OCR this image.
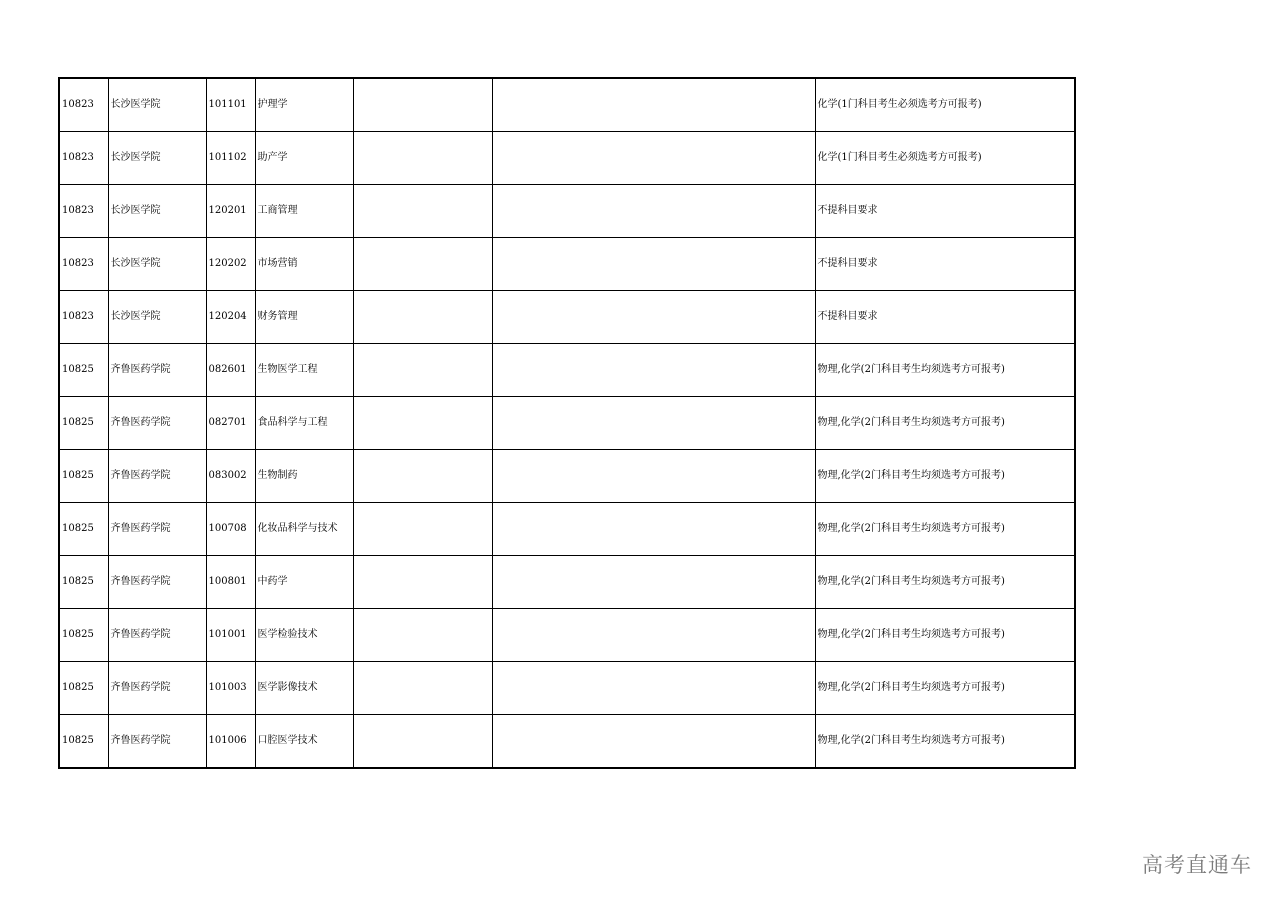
10823	长沙医学院	101101	护理学			化学(1门科目考生必须选考方可报考)
10823	长沙医学院	101102	助产学			化学(1门科目考生必须选考方可报考)
10823	长沙医学院	120201	工商管理			不提科目要求
10823	长沙医学院	120202	市场营销			不提科目要求
10823	长沙医学院	120204	财务管理			不提科目要求
10825	齐鲁医药学院	082601	生物医学工程			物理,化学(2门科目考生均须选考方可报考)
10825	齐鲁医药学院	082701	食品科学与工程			物理,化学(2门科目考生均须选考方可报考)
10825	齐鲁医药学院	083002	生物制药			物理,化学(2门科目考生均须选考方可报考)
10825	齐鲁医药学院	100708	化妆品科学与技术			物理,化学(2门科目考生均须选考方可报考)
10825	齐鲁医药学院	100801	中药学			物理,化学(2门科目考生均须选考方可报考)
10825	齐鲁医药学院	101001	医学检验技术			物理,化学(2门科目考生均须选考方可报考)
10825	齐鲁医药学院	101003	医学影像技术			物理,化学(2门科目考生均须选考方可报考)
10825	齐鲁医药学院	101006	口腔医学技术			物理,化学(2门科目考生均须选考方可报考)
高考直通车
